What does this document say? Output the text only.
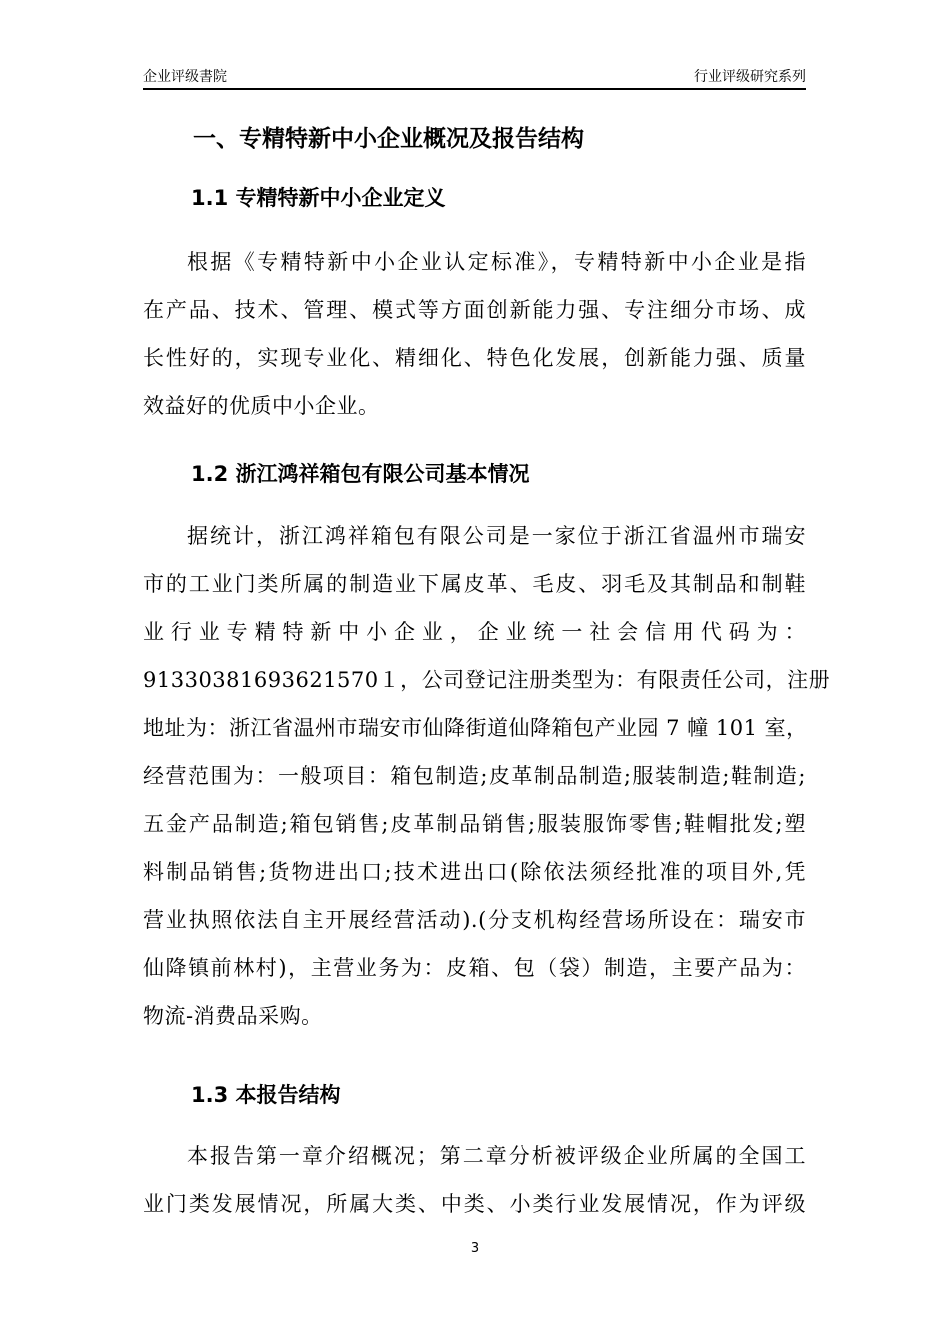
企业评级書院	行业评级研究系列
一、专精特新中小企业概况及报告结构
1.1 专精特新中小企业定义
根据《专精特新中小企业认定标准》，专精特新中小企业是指
在产品、技术、管理、模式等方面创新能力强、专注细分市场、成
长性好的，实现专业化、精细化、特色化发展，创新能力强、质量
效益好的优质中小企业。
1.2 浙江鸿祥箱包有限公司基本情况
据统计，浙江鸿祥箱包有限公司是一家位于浙江省温州市瑞安
市的工业门类所属的制造业下属皮革、毛皮、羽毛及其制品和制鞋
业行业专精特新中小企业，企业统一社会信用代码为：
91330381693621570１，公司登记注册类型为：有限责任公司，注册
地址为：浙江省温州市瑞安市仙降街道仙降箱包产业园 7 幢 101 室，
经营范围为：一般项目：箱包制造;皮革制品制造;服装制造;鞋制造;
五金产品制造;箱包销售;皮革制品销售;服装服饰零售;鞋帽批发;塑
料制品销售;货物进出口;技术进出口(除依法须经批准的项目外,凭
营业执照依法自主开展经营活动).(分支机构经营场所设在：瑞安市
仙降镇前林村)，主营业务为：皮箱、包（袋）制造，主要产品为：
物流-消费品采购。
1.3 本报告结构
本报告第一章介绍概况；第二章分析被评级企业所属的全国工
业门类发展情况，所属大类、中类、小类行业发展情况，作为评级
3
